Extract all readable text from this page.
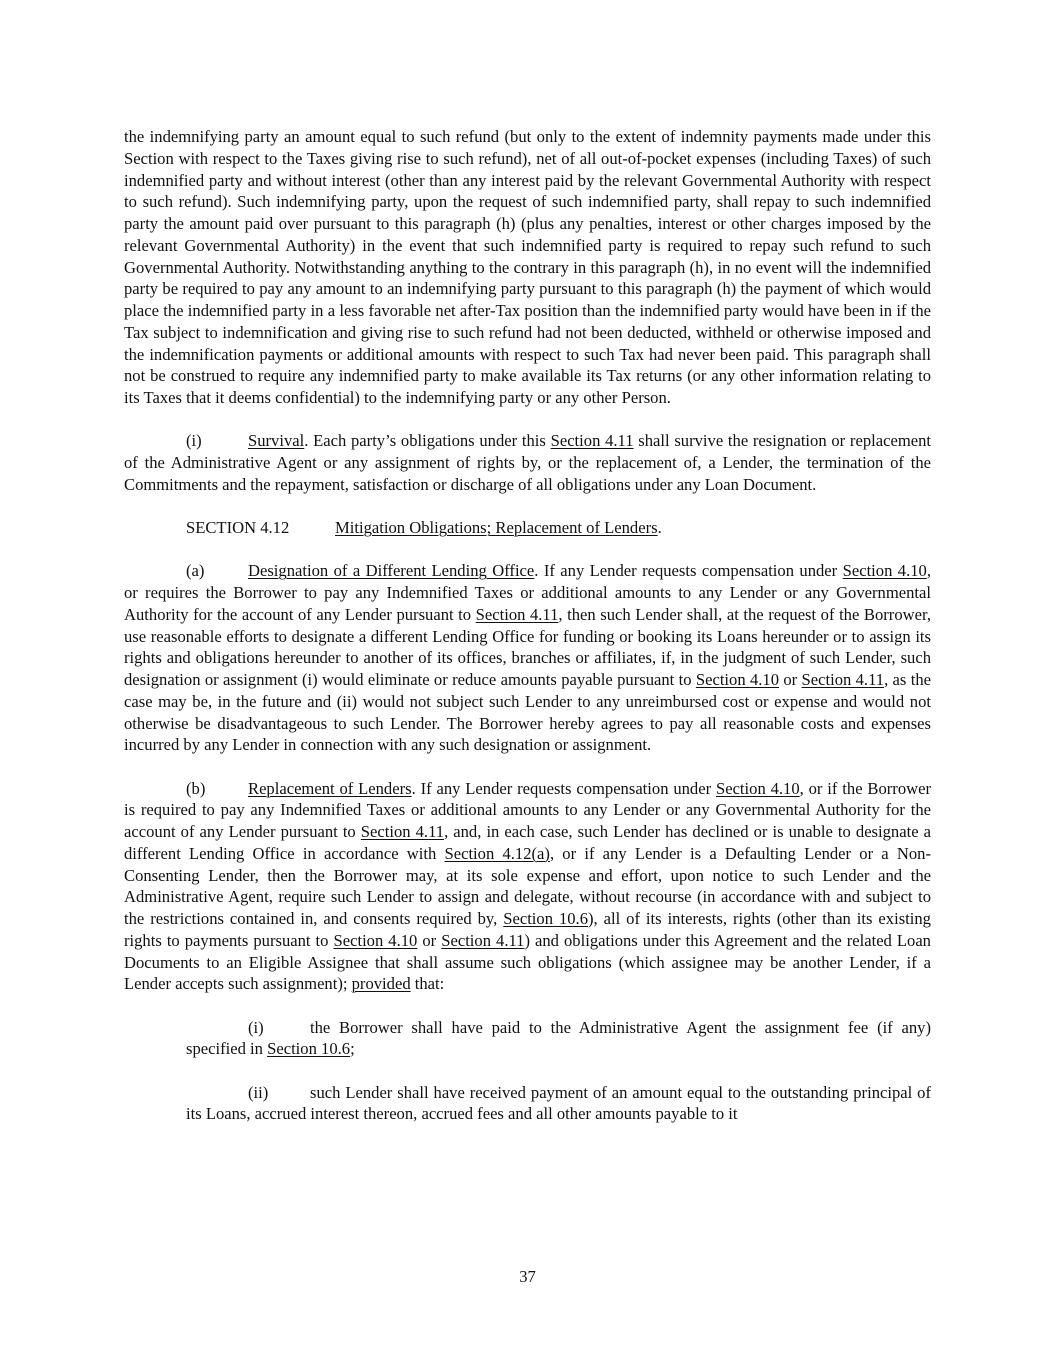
the indemnifying party an amount equal to such refund (but only to the extent of indemnity payments made under this Section with respect to the Taxes giving rise to such refund), net of all out-of-pocket expenses (including Taxes) of such indemnified party and without interest (other than any interest paid by the relevant Governmental Authority with respect to such refund). Such indemnifying party, upon the request of such indemnified party, shall repay to such indemnified party the amount paid over pursuant to this paragraph (h) (plus any penalties, interest or other charges imposed by the relevant Governmental Authority) in the event that such indemnified party is required to repay such refund to such Governmental Authority. Notwithstanding anything to the contrary in this paragraph (h), in no event will the indemnified party be required to pay any amount to an indemnifying party pursuant to this paragraph (h) the payment of which would place the indemnified party in a less favorable net after-Tax position than the indemnified party would have been in if the Tax subject to indemnification and giving rise to such refund had not been deducted, withheld or otherwise imposed and the indemnification payments or additional amounts with respect to such Tax had never been paid. This paragraph shall not be construed to require any indemnified party to make available its Tax returns (or any other information relating to its Taxes that it deems confidential) to the indemnifying party or any other Person.

(i)	Survival. Each party’s obligations under this Section 4.11 shall survive the resignation or replacement of the Administrative Agent or any assignment of rights by, or the replacement of, a Lender, the termination of the Commitments and the repayment, satisfaction or discharge of all obligations under any Loan Document.

SECTION 4.12	Mitigation Obligations; Replacement of Lenders.

(a)	Designation of a Different Lending Office. If any Lender requests compensation under Section 4.10, or requires the Borrower to pay any Indemnified Taxes or additional amounts to any Lender or any Governmental Authority for the account of any Lender pursuant to Section 4.11, then such Lender shall, at the request of the Borrower, use reasonable efforts to designate a different Lending Office for funding or booking its Loans hereunder or to assign its rights and obligations hereunder to another of its offices, branches or affiliates, if, in the judgment of such Lender, such designation or assignment (i) would eliminate or reduce amounts payable pursuant to Section 4.10 or Section 4.11, as the case may be, in the future and (ii) would not subject such Lender to any unreimbursed cost or expense and would not otherwise be disadvantageous to such Lender. The Borrower hereby agrees to pay all reasonable costs and expenses incurred by any Lender in connection with any such designation or assignment.

(b)	Replacement of Lenders. If any Lender requests compensation under Section 4.10, or if the Borrower is required to pay any Indemnified Taxes or additional amounts to any Lender or any Governmental Authority for the account of any Lender pursuant to Section 4.11, and, in each case, such Lender has declined or is unable to designate a different Lending Office in accordance with Section 4.12(a), or if any Lender is a Defaulting Lender or a Non-Consenting Lender, then the Borrower may, at its sole expense and effort, upon notice to such Lender and the Administrative Agent, require such Lender to assign and delegate, without recourse (in accordance with and subject to the restrictions contained in, and consents required by, Section 10.6), all of its interests, rights (other than its existing rights to payments pursuant to Section 4.10 or Section 4.11) and obligations under this Agreement and the related Loan Documents to an Eligible Assignee that shall assume such obligations (which assignee may be another Lender, if a Lender accepts such assignment); provided that:

(i)	the Borrower shall have paid to the Administrative Agent the assignment fee (if any) specified in Section 10.6;

(ii)	such Lender shall have received payment of an amount equal to the outstanding principal of its Loans, accrued interest thereon, accrued fees and all other amounts payable to it

37
